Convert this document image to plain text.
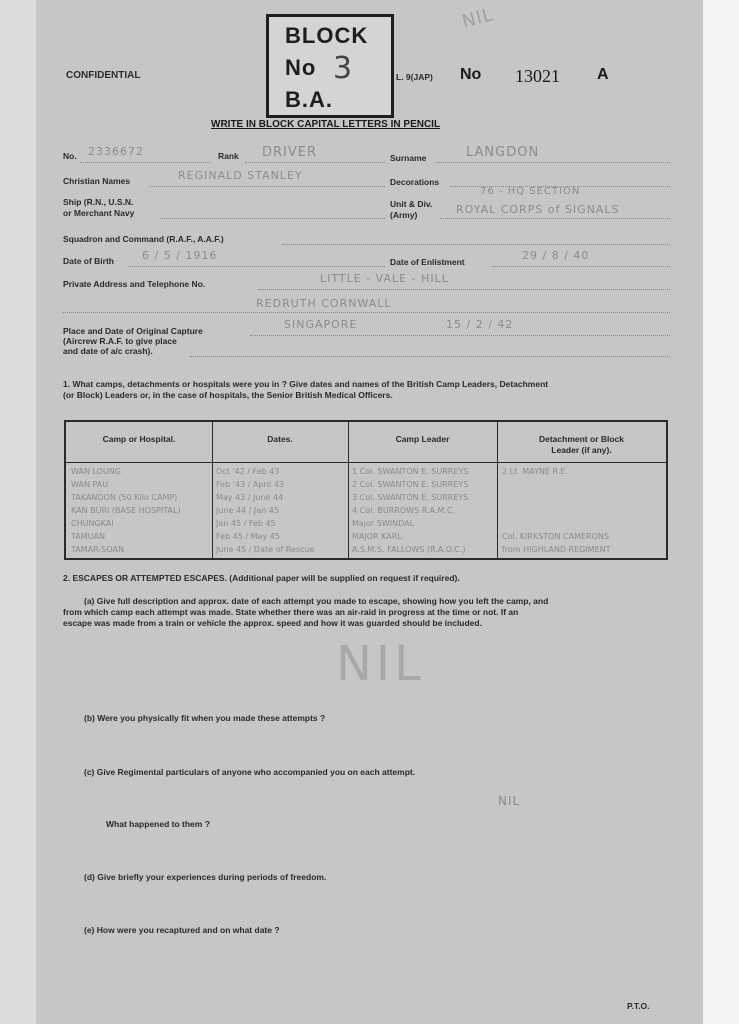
CONFIDENTIAL
BLOCK
No 3
B.A.
L. 9(JAP) No 13021 A
NIL
WRITE IN BLOCK CAPITAL LETTERS IN PENCIL
No. 2336672	Rank DRIVER	Surname	LANGDON
Christian Names	REGINALD STANLEY	Decorations
Ship (R.N., U.S.N.
or Merchant Navy
Unit & Div.
(Army)
76 - HQ SECTION
ROYAL CORPS of SIGNALS
Squadron and Command (R.A.F., A.A.F.)
Date of Birth	6 / 5 / 1916	Date of Enlistment	29 / 8 / 40
Private Address and Telephone No.	LITTLE - VALE - HILL
REDRUTH CORNWALL
Place and Date of Original Capture
(Aircrew R.A.F. to give place
and date of a/c crash).
SINGAPORE	15 / 2 / 42
1. What camps, detachments or hospitals were you in ? Give dates and names of the British Camp Leaders, Detachment
(or Block) Leaders or, in the case of hospitals, the Senior British Medical Officers.
Camp or Hospital.	Dates.	Camp Leader	Detachment or Block
Leader (if any).
WAN LOUNG	Oct '42 / Feb 43	1 Col. SWANTON E. SURREYS	2 Lt. MAYNE R.E.
WAN PAU	Feb '43 / April 43	2 Col. SWANTON E. SURREYS
TAKANOON (50 Kilo CAMP)	May 43 / June 44	3 Col. SWANTON E. SURREYS
KAN BURI (BASE HOSPITAL)	June 44 / Jan 45	4 Col. BURROWS R.A.M.C.
CHUNGKAI	Jan 45 / Feb 45	Major SWINDAL
TAMUAN	Feb 45 / May 45	MAJOR KARL	Col. KIRKSTON CAMERONS
TAMAR-SOAN	June 45 / Date of Rescue	A.S.M.S. FALLOWS (R.A.O.C.)	from HIGHLAND REGIMENT
2. ESCAPES OR ATTEMPTED ESCAPES. (Additional paper will be supplied on request if required).
(a) Give full description and approx. date of each attempt you made to escape, showing how you left the camp, and
from which camp each attempt was made. State whether there was an air-raid in progress at the time or not. If an
escape was made from a train or vehicle the approx. speed and how it was guarded should be included.
NIL
(b) Were you physically fit when you made these attempts ?
(c) Give Regimental particulars of anyone who accompanied you on each attempt.
NIL
What happened to them ?
(d) Give briefly your experiences during periods of freedom.
(e) How were you recaptured and on what date ?
P.T.O.
